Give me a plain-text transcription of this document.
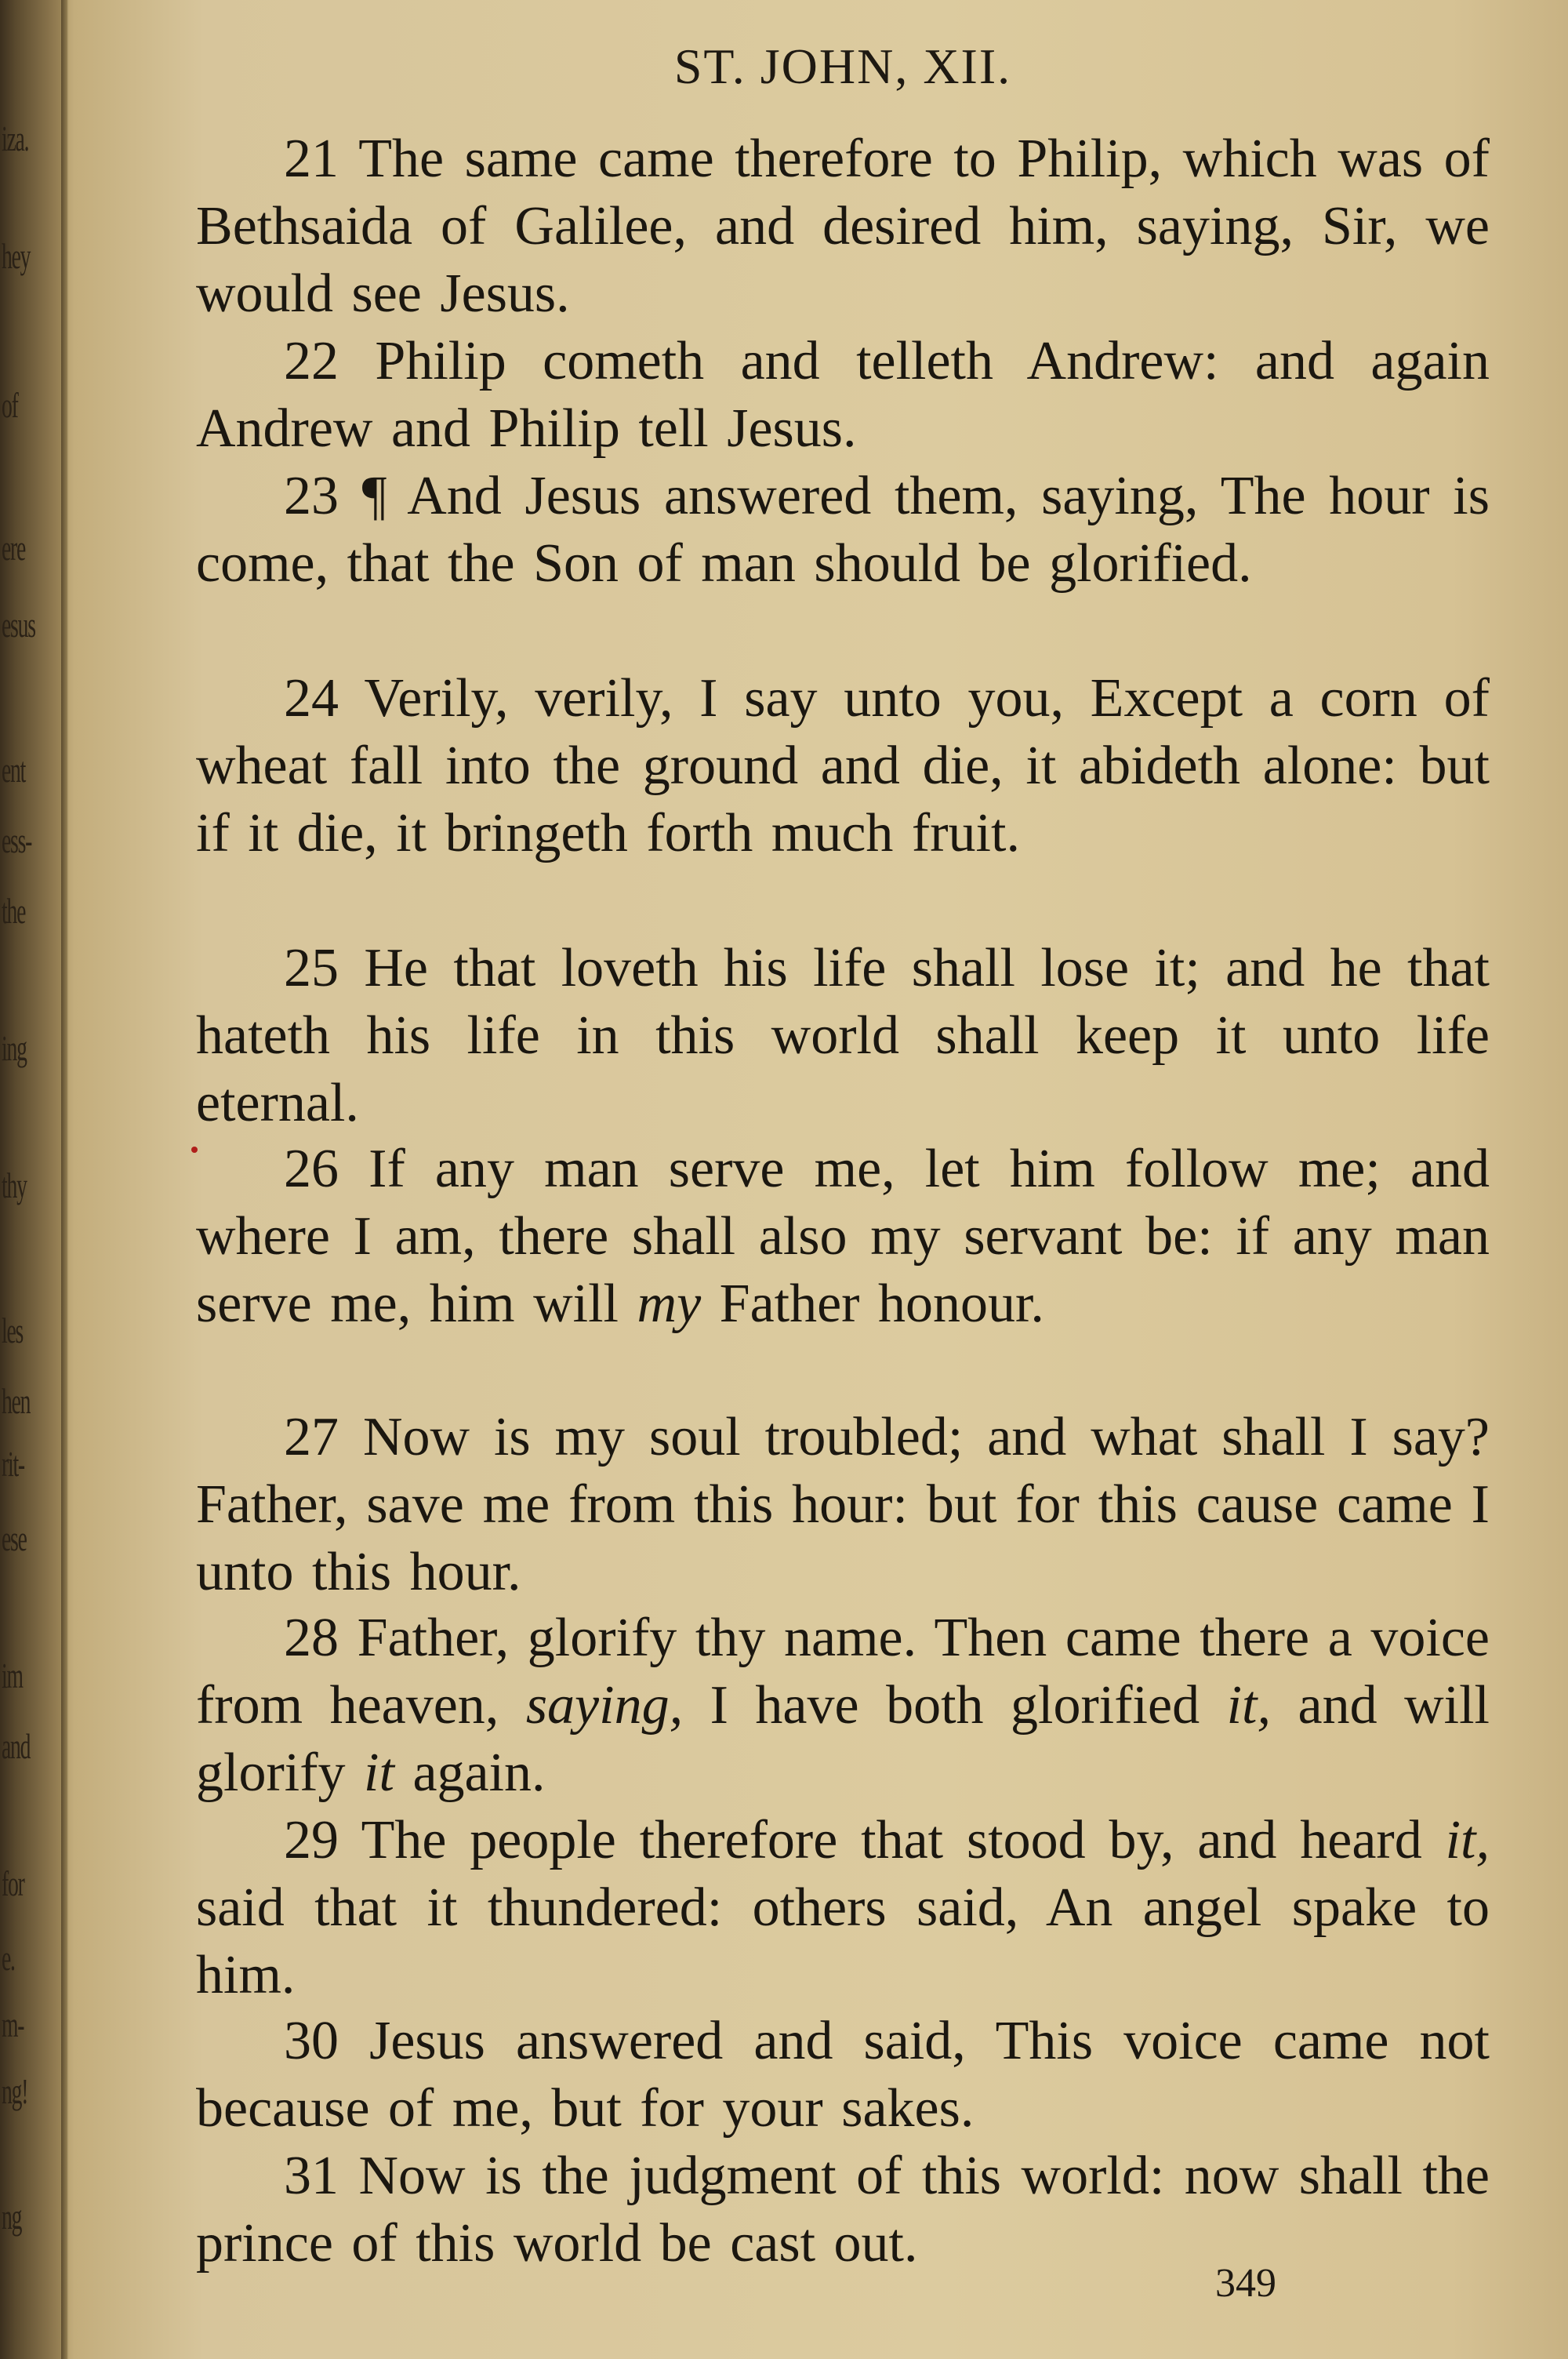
iza.
hey
of
ere
esus
ent
ess-
the
ing
thy
les
hen
rit-
ese
im
and
for
e.
m-
ng!
ng
ST. JOHN, XII.
21 The same came therefore to Philip, which was of Bethsaida of Galilee, and desired him, saying, Sir, we would see Jesus.
22 Philip cometh and telleth Andrew: and again Andrew and Philip tell Jesus.
23 ¶ And Jesus answered them, saying, The hour is come, that the Son of man should be glorified.
24 Verily, verily, I say unto you, Except a corn of wheat fall into the ground and die, it abideth alone: but if it die, it bringeth forth much fruit.
25 He that loveth his life shall lose it; and he that hateth his life in this world shall keep it unto life eternal.
26 If any man serve me, let him follow me; and where I am, there shall also my servant be: if any man serve me, him will my Father honour.
27 Now is my soul troubled; and what shall I say? Father, save me from this hour: but for this cause came I unto this hour.
28 Father, glorify thy name. Then came there a voice from heaven, saying, I have both glorified it, and will glorify it again.
29 The people therefore that stood by, and heard it, said that it thundered: others said, An angel spake to him.
30 Jesus answered and said, This voice came not because of me, but for your sakes.
31 Now is the judgment of this world: now shall the prince of this world be cast out.
349
